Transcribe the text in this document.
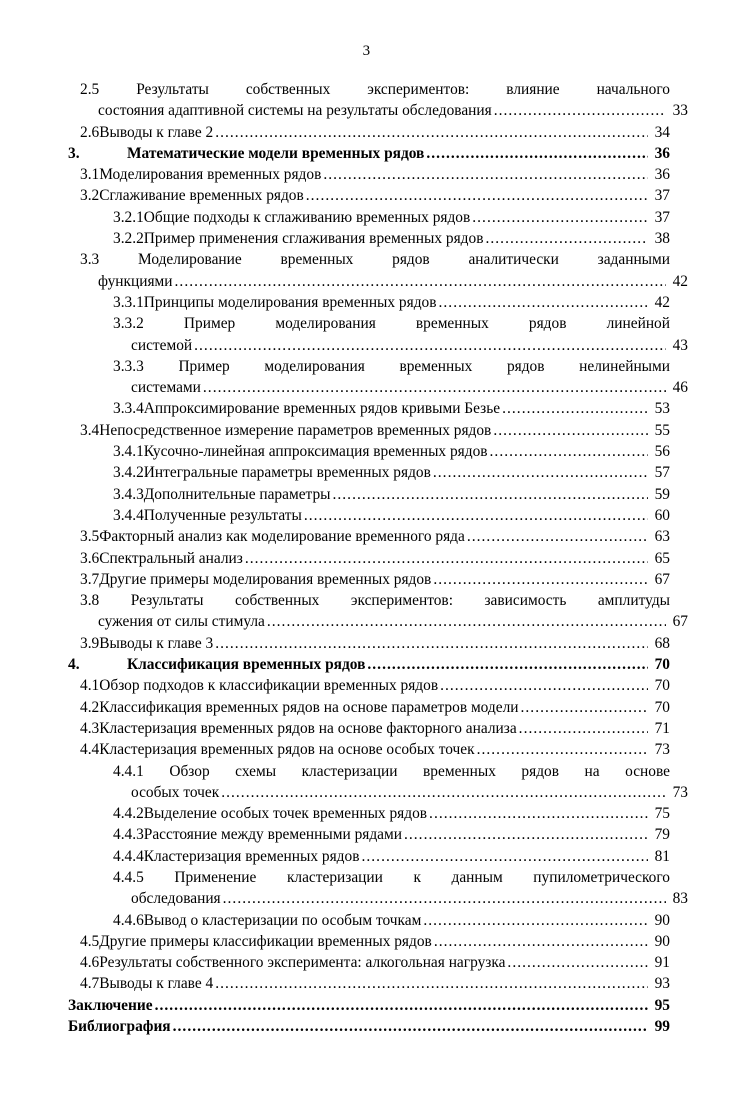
3
2.5 Результаты собственных экспериментов: влияние начального
состояния адаптивной системы на результаты обследования .....	33
2.6 Выводы к главе 2 .....	34
3.	Математические модели временных рядов .....	36
3.1 Моделирования временных рядов .....	36
3.2 Сглаживание временных рядов .....	37
3.2.1 Общие подходы к сглаживанию временных рядов .....	37
3.2.2 Пример применения сглаживания временных рядов .....	38
3.3	Моделирование временных рядов аналитически заданными
функциями .....	42
3.3.1 Принципы моделирования временных рядов .....	42
3.3.2	Пример моделирования временных рядов линейной
системой .....	43
3.3.3 Пример моделирования временных рядов нелинейными
системами .....	46
3.3.4 Аппроксимирование временных рядов кривыми Безье .....	53
3.4 Непосредственное измерение параметров временных рядов .....	55
3.4.1 Кусочно-линейная аппроксимация временных рядов .....	56
3.4.2 Интегральные параметры временных рядов .....	57
3.4.3 Дополнительные параметры .....	59
3.4.4 Полученные результаты .....	60
3.5 Факторный анализ как моделирование временного ряда .....	63
3.6 Спектральный анализ .....	65
3.7 Другие примеры моделирования временных рядов .....	67
3.8 Результаты собственных экспериментов: зависимость амплитуды
сужения от силы стимула .....	67
3.9 Выводы к главе 3 .....	68
4.	Классификация временных рядов .....	70
4.1 Обзор подходов к классификации временных рядов .....	70
4.2 Классификация временных рядов на основе параметров модели .....	70
4.3 Кластеризация временных рядов на основе факторного анализа .....	71
4.4 Кластеризация временных рядов на основе особых точек .....	73
4.4.1 Обзор схемы кластеризации временных рядов на основе
особых точек .....	73
4.4.2 Выделение особых точек временных рядов .....	75
4.4.3 Расстояние между временными рядами .....	79
4.4.4 Кластеризация временных рядов .....	81
4.4.5 Применение кластеризации к данным пупилометрического
обследования .....	83
4.4.6 Вывод о кластеризации по особым точкам .....	90
4.5 Другие примеры классификации временных рядов .....	90
4.6 Результаты собственного эксперимента: алкогольная нагрузка .....	91
4.7 Выводы к главе 4 .....	93
Заключение .....	95
Библиография .....	99
